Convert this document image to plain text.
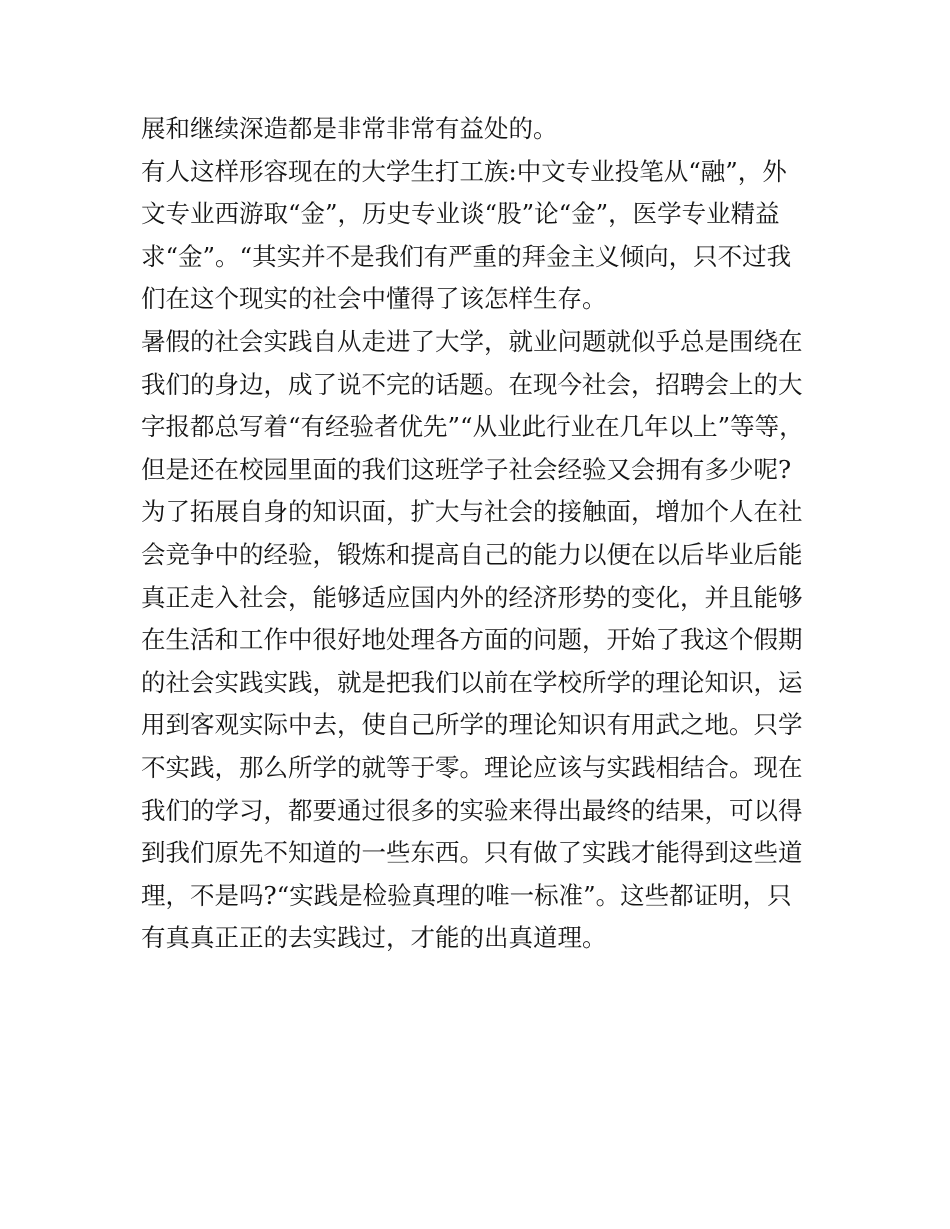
展和继续深造都是非常非常有益处的。
有人这样形容现在的大学生打工族:中文专业投笔从“融”，外
文专业西游取“金”，历史专业谈“股”论“金”，医学专业精益
求“金”。“其实并不是我们有严重的拜金主义倾向，只不过我
们在这个现实的社会中懂得了该怎样生存。
暑假的社会实践自从走进了大学，就业问题就似乎总是围绕在
我们的身边，成了说不完的话题。在现今社会，招聘会上的大
字报都总写着“有经验者优先”“从业此行业在几年以上”等等，
但是还在校园里面的我们这班学子社会经验又会拥有多少呢?
为了拓展自身的知识面，扩大与社会的接触面，增加个人在社
会竞争中的经验，锻炼和提高自己的能力以便在以后毕业后能
真正走入社会，能够适应国内外的经济形势的变化，并且能够
在生活和工作中很好地处理各方面的问题，开始了我这个假期
的社会实践实践，就是把我们以前在学校所学的理论知识，运
用到客观实际中去，使自己所学的理论知识有用武之地。只学
不实践，那么所学的就等于零。理论应该与实践相结合。现在
我们的学习，都要通过很多的实验来得出最终的结果，可以得
到我们原先不知道的一些东西。只有做了实践才能得到这些道
理，不是吗?“实践是检验真理的唯一标准”。这些都证明，只
有真真正正的去实践过，才能的出真道理。
